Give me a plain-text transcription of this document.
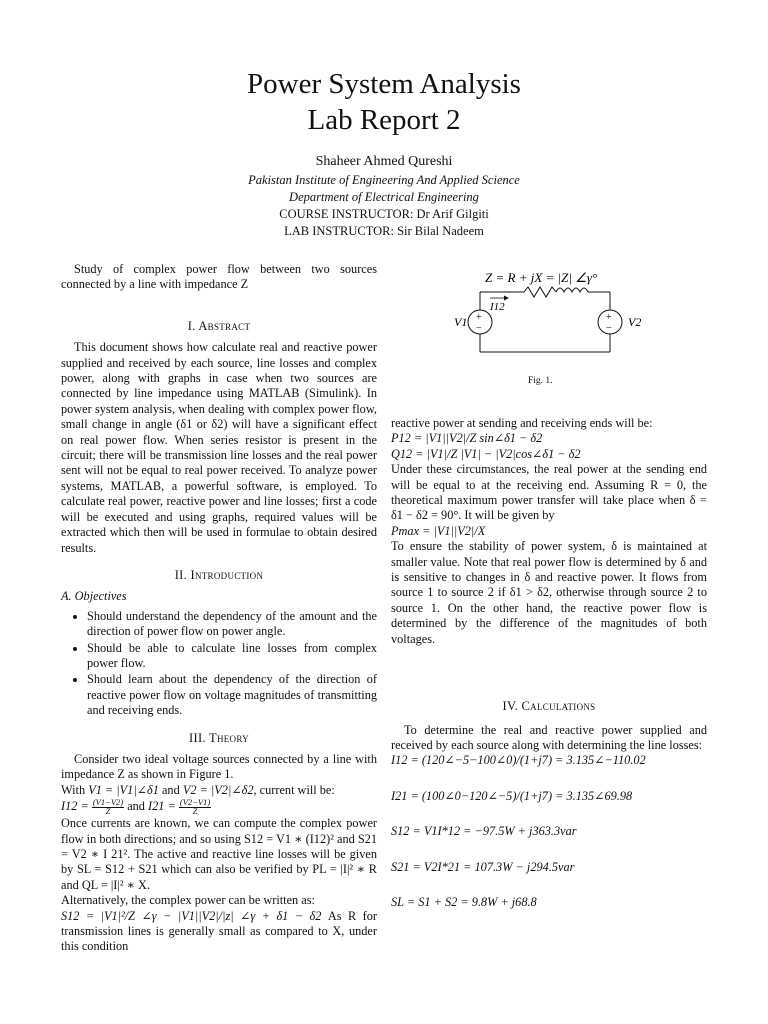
Power System Analysis
Lab Report 2
Shaheer Ahmed Qureshi
Pakistan Institute of Engineering And Applied Science
Department of Electrical Engineering
COURSE INSTRUCTOR: Dr Arif Gilgiti
LAB INSTRUCTOR: Sir Bilal Nadeem

Study of complex power flow between two sources connected by a line with impedance Z

I. Abstract

This document shows how calculate real and reactive power supplied and received by each source, line losses and complex power, along with graphs in case when two sources are connected by line impedance using MATLAB (Simulink). In power system analysis, when dealing with complex power flow, small change in angle (δ1 or δ2) will have a significant effect on real power flow. When series resistor is present in the circuit; there will be transmission line losses and the real power sent will not be equal to real power received. To analyze power systems, MATLAB, a powerful software, is employed. To calculate real power, reactive power and line losses; first a code will be executed and using graphs, required values will be extracted which then will be used in formulae to obtain desired results.

II. Introduction
A. Objectives
• Should understand the dependency of the amount and the direction of power flow on power angle.
• Should be able to calculate line losses from complex power flow.
• Should learn about the dependency of the direction of reactive power flow on voltage magnitudes of transmitting and receiving ends.
III. Theory

Consider two ideal voltage sources connected by a line with impedance Z as shown in Figure 1.

With V1 = |V1|∠δ1 and V2 = |V2|∠δ2, current will be:

$I12 = \frac{(V1-V2)}{Z}$ and $I21 = \frac{(V2-V1)}{Z}$

Once currents are known, we can compute the complex power flow in both directions; and so using S12 = V1 ∗ (I12)² and S21 = V2 ∗ I 21². The active and reactive line losses will be given by SL = S12 + S21 which can also be verified by PL = |I|² ∗ R and QL = |I|² ∗ X.

Alternatively, the complex power can be written as:

S12 = |V1|²/Z ∠γ − |V1||V2|/|z| ∠γ + δ1 − δ2 As R for transmission lines is generally small as compared to X, under this condition

Z = R + jX = |Z| ∠γ°
I12
+
−
V1	+
− V2
Fig. 1.

reactive power at sending and receiving ends will be:

P12 = |V1||V2|/Z sin∠δ1 − δ2

Q12 = |V1|/Z |V1| − |V2|cos∠δ1 − δ2

Under these circumstances, the real power at the sending end will be equal to at the receiving end. Assuming R = 0, the theoretical maximum power transfer will take place when δ = δ1 − δ2 = 90°. It will be given by

Pmax = |V1||V2|/X

To ensure the stability of power system, δ is maintained at smaller value. Note that real power flow is determined by δ and is sensitive to changes in δ and reactive power. It flows from source 1 to source 2 if δ1 > δ2, otherwise through source 2 to source 1. On the other hand, the reactive power flow is determined by the difference of the magnitudes of both voltages.

IV. Calculations

To determine the real and reactive power supplied and received by each source along with determining the line losses:

I12 = (120∠−5−100∠0)/(1+j7) = 3.135∠−110.02

I21 = (100∠0−120∠−5)/(1+j7) = 3.135∠69.98

S12 = V1I*12 = −97.5W + j363.3var

S21 = V2I*21 = 107.3W − j294.5var

SL = S1 + S2 = 9.8W + j68.8
